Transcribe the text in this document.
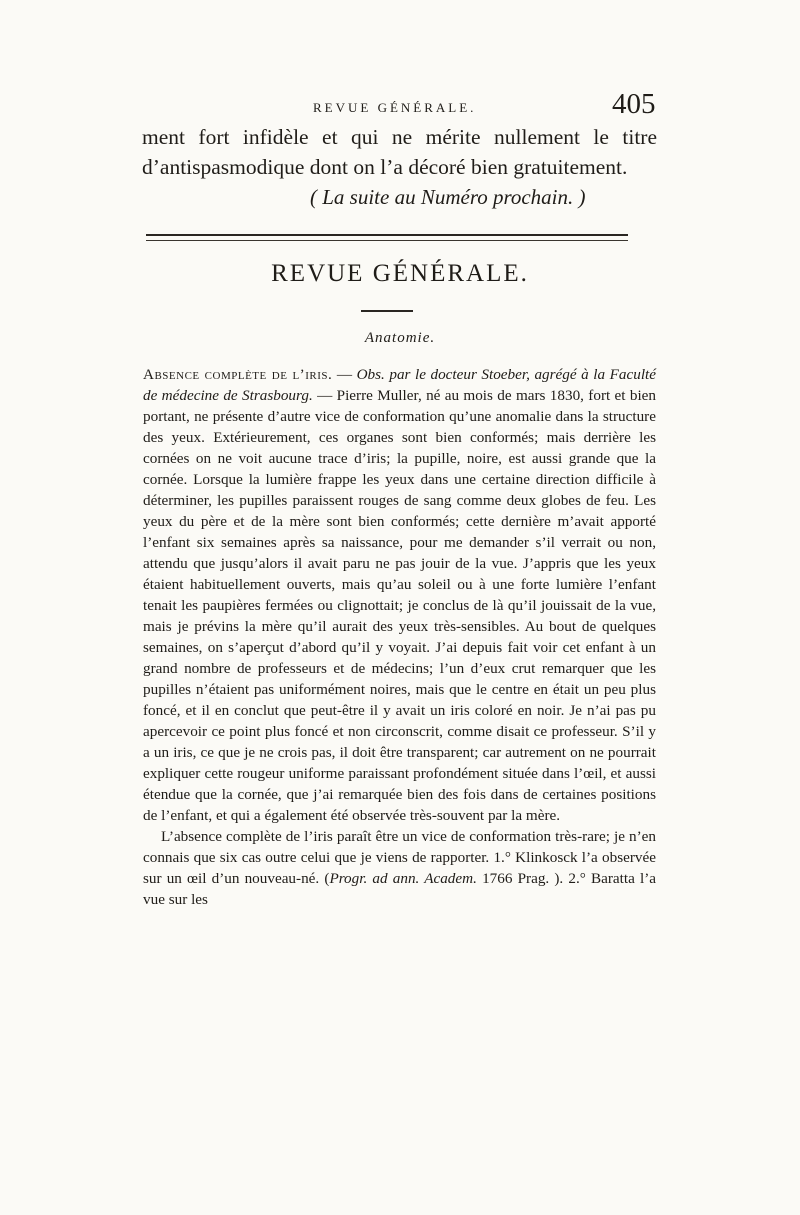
REVUE GÉNÉRALE.	405

ment fort infidèle et qui ne mérite nullement le titre d’antispasmodique dont on l’a décoré bien gratuitement.

( La suite au Numéro prochain. )

REVUE GÉNÉRALE.
Anatomie.

Absence complète de l’iris. — Obs. par le docteur Stoeber, agrégé à la Faculté de médecine de Strasbourg. — Pierre Muller, né au mois de mars 1830, fort et bien portant, ne présente d’autre vice de conformation qu’une anomalie dans la structure des yeux. Extérieurement, ces organes sont bien conformés; mais derrière les cornées on ne voit aucune trace d’iris; la pupille, noire, est aussi grande que la cornée. Lorsque la lumière frappe les yeux dans une certaine direction difficile à déterminer, les pupilles paraissent rouges de sang comme deux globes de feu. Les yeux du père et de la mère sont bien conformés; cette dernière m’avait apporté l’enfant six semaines après sa naissance, pour me demander s’il verrait ou non, attendu que jusqu’alors il avait paru ne pas jouir de la vue. J’appris que les yeux étaient habituellement ouverts, mais qu’au soleil ou à une forte lumière l’enfant tenait les paupières fermées ou clignottait; je conclus de là qu’il jouissait de la vue, mais je prévins la mère qu’il aurait des yeux très-sensibles. Au bout de quelques semaines, on s’aperçut d’abord qu’il y voyait. J’ai depuis fait voir cet enfant à un grand nombre de professeurs et de médecins; l’un d’eux crut remarquer que les pupilles n’étaient pas uniformément noires, mais que le centre en était un peu plus foncé, et il en conclut que peut-être il y avait un iris coloré en noir. Je n’ai pas pu apercevoir ce point plus foncé et non circonscrit, comme disait ce professeur. S’il y a un iris, ce que je ne crois pas, il doit être transparent; car autrement on ne pourrait expliquer cette rougeur uniforme paraissant profondément située dans l’œil, et aussi étendue que la cornée, que j’ai remarquée bien des fois dans de certaines positions de l’enfant, et qui a également été observée très-souvent par la mère.

L’absence complète de l’iris paraît être un vice de conformation très-rare; je n’en connais que six cas outre celui que je viens de rapporter. 1.° Klinkosck l’a observée sur un œil d’un nouveau-né. (Progr. ad ann. Academ. 1766 Prag. ). 2.° Baratta l’a vue sur les
